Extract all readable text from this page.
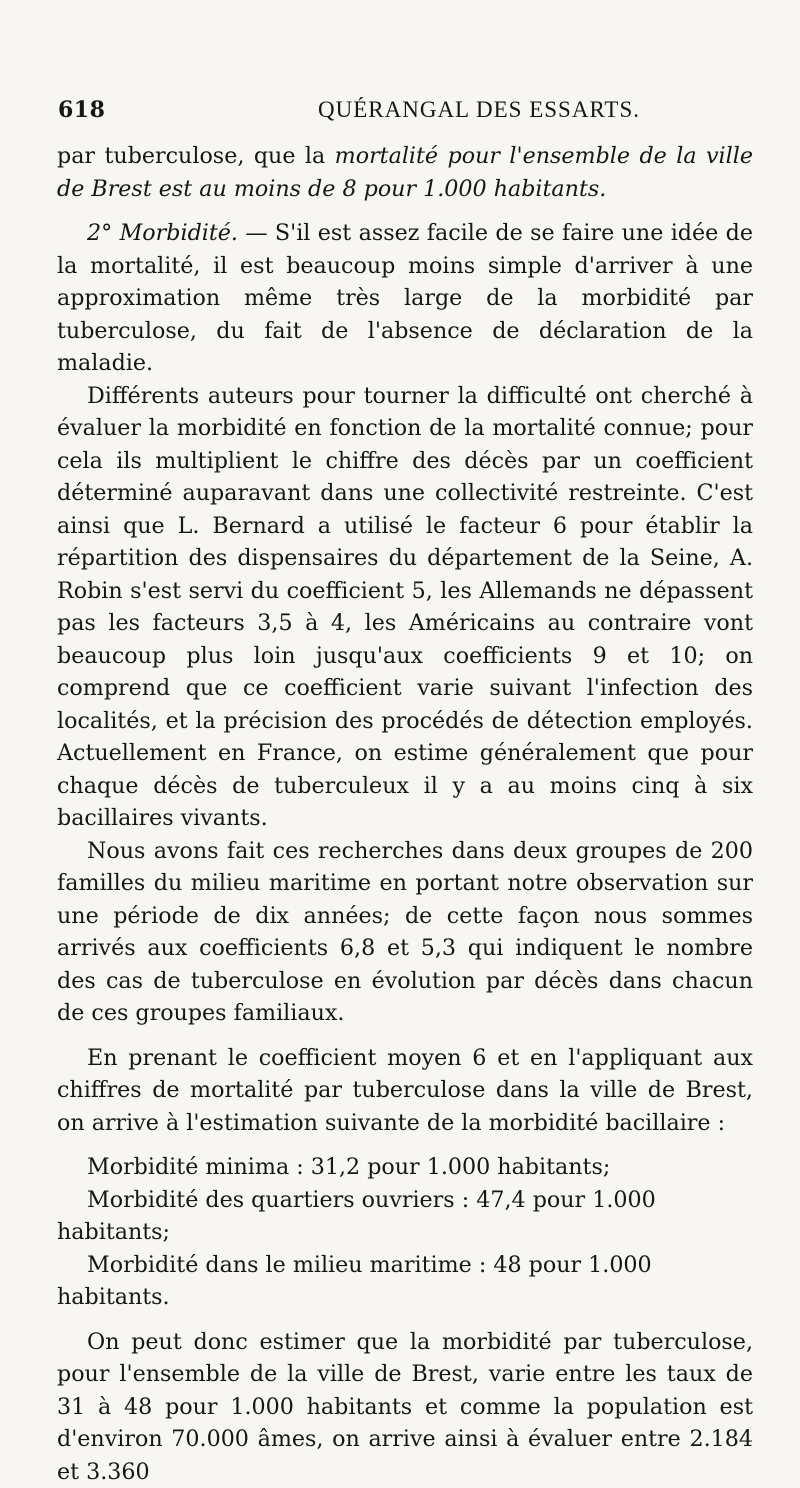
618	QUÉRANGAL DES ESSARTS.

par tuberculose, que la mortalité pour l'ensemble de la ville de Brest est au moins de 8 pour 1.000 habitants.

2° Morbidité. — S'il est assez facile de se faire une idée de la mortalité, il est beaucoup moins simple d'arriver à une approximation même très large de la morbidité par tuberculose, du fait de l'absence de déclaration de la maladie.

Différents auteurs pour tourner la difficulté ont cherché à évaluer la morbidité en fonction de la mortalité connue; pour cela ils multiplient le chiffre des décès par un coefficient déterminé auparavant dans une collectivité restreinte. C'est ainsi que L. Bernard a utilisé le facteur 6 pour établir la répartition des dispensaires du département de la Seine, A. Robin s'est servi du coefficient 5, les Allemands ne dépassent pas les facteurs 3,5 à 4, les Américains au contraire vont beaucoup plus loin jusqu'aux coefficients 9 et 10; on comprend que ce coefficient varie suivant l'infection des localités, et la précision des procédés de détection employés. Actuellement en France, on estime généralement que pour chaque décès de tuberculeux il y a au moins cinq à six bacillaires vivants.

Nous avons fait ces recherches dans deux groupes de 200 familles du milieu maritime en portant notre observation sur une période de dix années; de cette façon nous sommes arrivés aux coefficients 6,8 et 5,3 qui indiquent le nombre des cas de tuberculose en évolution par décès dans chacun de ces groupes familiaux.

En prenant le coefficient moyen 6 et en l'appliquant aux chiffres de mortalité par tuberculose dans la ville de Brest, on arrive à l'estimation suivante de la morbidité bacillaire :

Morbidité minima : 31,2 pour 1.000 habitants;

Morbidité des quartiers ouvriers : 47,4 pour 1.000 habitants;

Morbidité dans le milieu maritime : 48 pour 1.000 habitants.

On peut donc estimer que la morbidité par tuberculose, pour l'ensemble de la ville de Brest, varie entre les taux de 31 à 48 pour 1.000 habitants et comme la population est d'environ 70.000 âmes, on arrive ainsi à évaluer entre 2.184 et 3.360
